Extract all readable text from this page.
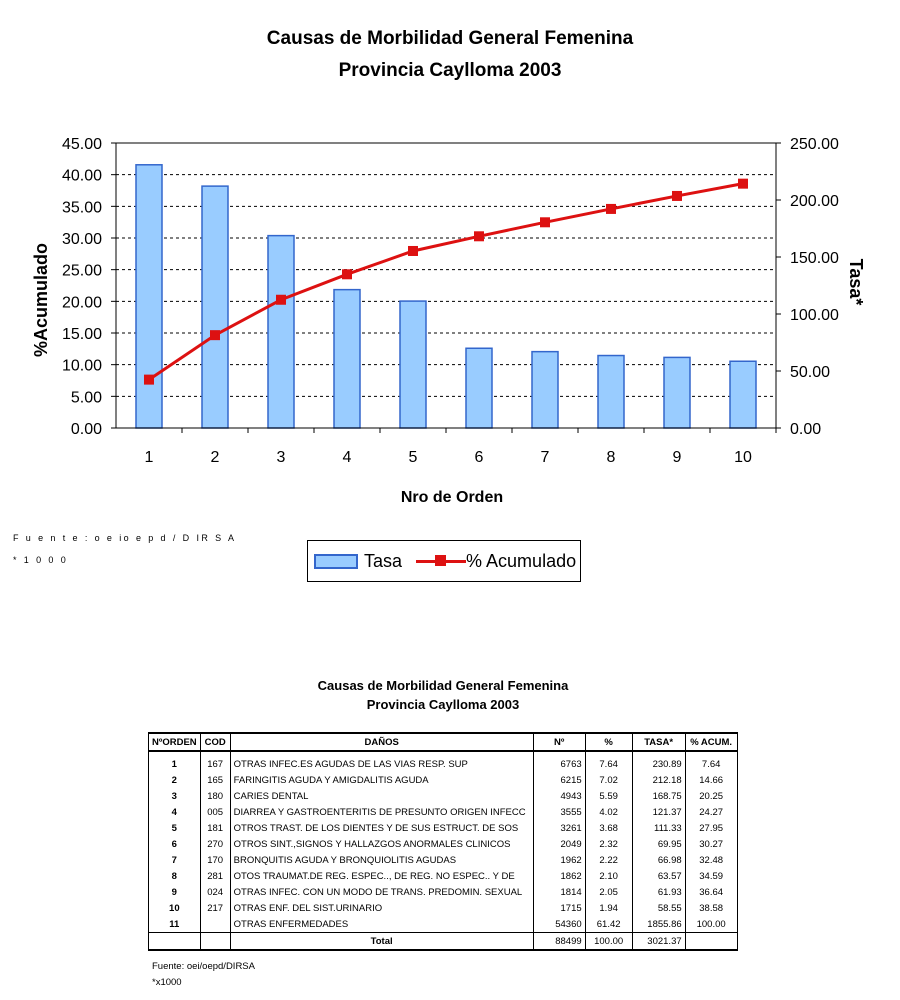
Causas de Morbilidad General Femenina
Provincia Caylloma 2003
0.00
5.00
10.00
15.00
20.00
25.00
30.00
35.00
40.00
45.00
0.00
50.00
100.00
150.00
200.00
250.00
1	2	3	4	5	6	7	8	9	10
Nro de Orden
%Acumulado	Tasa*
F u e n t e : o e io e p d / D IR S A
* 1 0 0 0	Tasa	% Acumulado
Causas de Morbilidad General Femenina
Provincia Caylloma 2003
NºORDEN	COD	DAÑOS	Nº	%	TASA*	% ACUM.
1	167	OTRAS INFEC.ES AGUDAS DE LAS VIAS RESP. SUP	6763	7.64	230.89	7.64
2	165	FARINGITIS AGUDA Y AMIGDALITIS AGUDA	6215	7.02	212.18	14.66
3	180	CARIES DENTAL	4943	5.59	168.75	20.25
4	005	DIARREA Y GASTROENTERITIS DE PRESUNTO ORIGEN INFECC	3555	4.02	121.37	24.27
5	181	OTROS TRAST. DE LOS DIENTES Y DE SUS ESTRUCT. DE SOS	3261	3.68	111.33	27.95
6	270	OTROS SINT.,SIGNOS Y HALLAZGOS ANORMALES CLINICOS	2049	2.32	69.95	30.27
7	170	BRONQUITIS AGUDA Y BRONQUIOLITIS AGUDAS	1962	2.22	66.98	32.48
8	281	OTOS TRAUMAT.DE REG. ESPEC.., DE REG. NO ESPEC.. Y DE	1862	2.10	63.57	34.59
9	024	OTRAS INFEC. CON UN MODO DE TRANS. PREDOMIN. SEXUAL	1814	2.05	61.93	36.64
10	217	OTRAS ENF. DEL SIST.URINARIO	1715	1.94	58.55	38.58
11		OTRAS ENFERMEDADES	54360	61.42	1855.86	100.00
		Total	88499	100.00	3021.37	
Fuente: oei/oepd/DIRSA
*x1000
